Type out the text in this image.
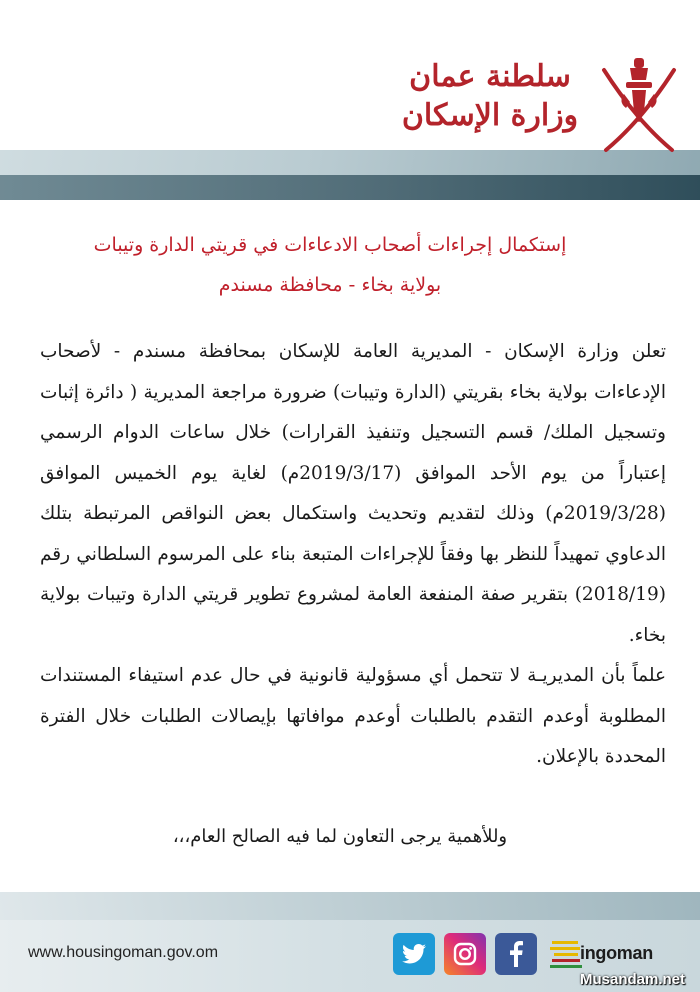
سلطنة عمان
وزارة الإسكان
إستكمال إجراءات أصحاب الادعاءات في قريتي الدارة وتيبات
بولاية بخاء - محافظة مسندم

تعلن وزارة الإسكان - المديرية العامة للإسكان بمحافظة مسندم - لأصحاب الإدعاءات بولاية بخاء بقريتي (الدارة وتيبات) ضرورة مراجعة المديرية ( دائرة إثبات وتسجيل الملك/ قسم التسجيل وتنفيذ القرارات) خلال ساعات الدوام الرسمي إعتباراً من يوم الأحد الموافق (2019/3/17م) لغاية يوم الخميس الموافق (2019/3/28م) وذلك لتقديم وتحديث واستكمال بعض النواقص المرتبطة بتلك الدعاوي تمهيداً للنظر بها وفقاً للإجراءات المتبعة بناء على المرسوم السلطاني رقم (2018/19) بتقرير صفة المنفعة العامة لمشروع تطوير قريتي الدارة وتيبات بولاية بخاء.

علماً بأن المديريـة لا تتحمل أي مسؤولية قانونية في حال عدم استيفاء المستندات المطلوبة أوعدم التقدم بالطلبات أوعدم موافاتها بإيصالات الطلبات خلال الفترة المحددة بالإعلان.

وللأهمية يرجى التعاون لما فيه الصالح العام،،،
www.housingoman.gov.om	ingoman
Musandam.net
